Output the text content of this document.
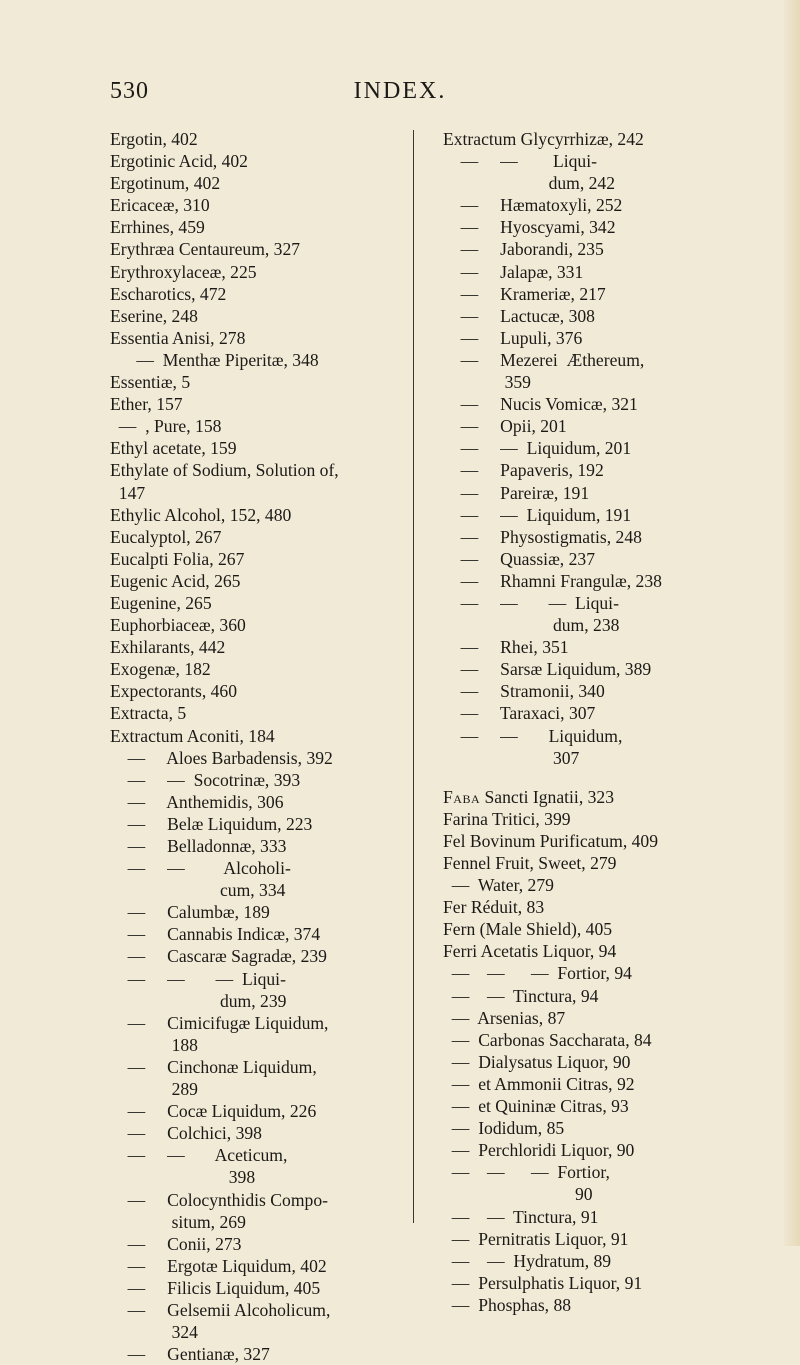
530	INDEX.
Ergotin, 402
Ergotinic Acid, 402
Ergotinum, 402
Ericaceæ, 310
Errhines, 459
Erythræa Centaureum, 327
Erythroxylaceæ, 225
Escharotics, 472
Eserine, 248
Essentia Anisi, 278
—  Menthæ Piperitæ, 348
Essentiæ, 5
Ether, 157
—  , Pure, 158
Ethyl acetate, 159
Ethylate of Sodium, Solution of,
147
Ethylic Alcohol, 152, 480
Eucalyptol, 267
Eucalpti Folia, 267
Eugenic Acid, 265
Eugenine, 265
Euphorbiaceæ, 360
Exhilarants, 442
Exogenæ, 182
Expectorants, 460
Extracta, 5
Extractum Aconiti, 184
—     Aloes Barbadensis, 392
—     —  Socotrinæ, 393
—     Anthemidis, 306
—     Belæ Liquidum, 223
—     Belladonnæ, 333
—     —         Alcoholi-
cum, 334
—     Calumbæ, 189
—     Cannabis Indicæ, 374
—     Cascaræ Sagradæ, 239
—     —       —  Liqui-
dum, 239
—     Cimicifugæ Liquidum,
188
—     Cinchonæ Liquidum,
289
—     Cocæ Liquidum, 226
—     Colchici, 398
—     —       Aceticum,
398
—     Colocynthidis Compo-
situm, 269
—     Conii, 273
—     Ergotæ Liquidum, 402
—     Filicis Liquidum, 405
—     Gelsemii Alcoholicum,
324
—     Gentianæ, 327
Extractum Glycyrrhizæ, 242
—     —        Liqui-
dum, 242
—     Hæmatoxyli, 252
—     Hyoscyami, 342
—     Jaborandi, 235
—     Jalapæ, 331
—     Krameriæ, 217
—     Lactucæ, 308
—     Lupuli, 376
—     Mezerei  Æthereum,
359
—     Nucis Vomicæ, 321
—     Opii, 201
—     —  Liquidum, 201
—     Papaveris, 192
—     Pareiræ, 191
—     —  Liquidum, 191
—     Physostigmatis, 248
—     Quassiæ, 237
—     Rhamni Frangulæ, 238
—     —       —  Liqui-
dum, 238
—     Rhei, 351
—     Sarsæ Liquidum, 389
—     Stramonii, 340
—     Taraxaci, 307
—     —       Liquidum,
307
Faba Sancti Ignatii, 323
Farina Tritici, 399
Fel Bovinum Purificatum, 409
Fennel Fruit, Sweet, 279
—  Water, 279
Fer Réduit, 83
Fern (Male Shield), 405
Ferri Acetatis Liquor, 94
—    —      —  Fortior, 94
—    —  Tinctura, 94
—  Arsenias, 87
—  Carbonas Saccharata, 84
—  Dialysatus Liquor, 90
—  et Ammonii Citras, 92
—  et Quininæ Citras, 93
—  Iodidum, 85
—  Perchloridi Liquor, 90
—    —      —  Fortior,
90
—    —  Tinctura, 91
—  Pernitratis Liquor, 91
—    —  Hydratum, 89
—  Persulphatis Liquor, 91
—  Phosphas, 88
